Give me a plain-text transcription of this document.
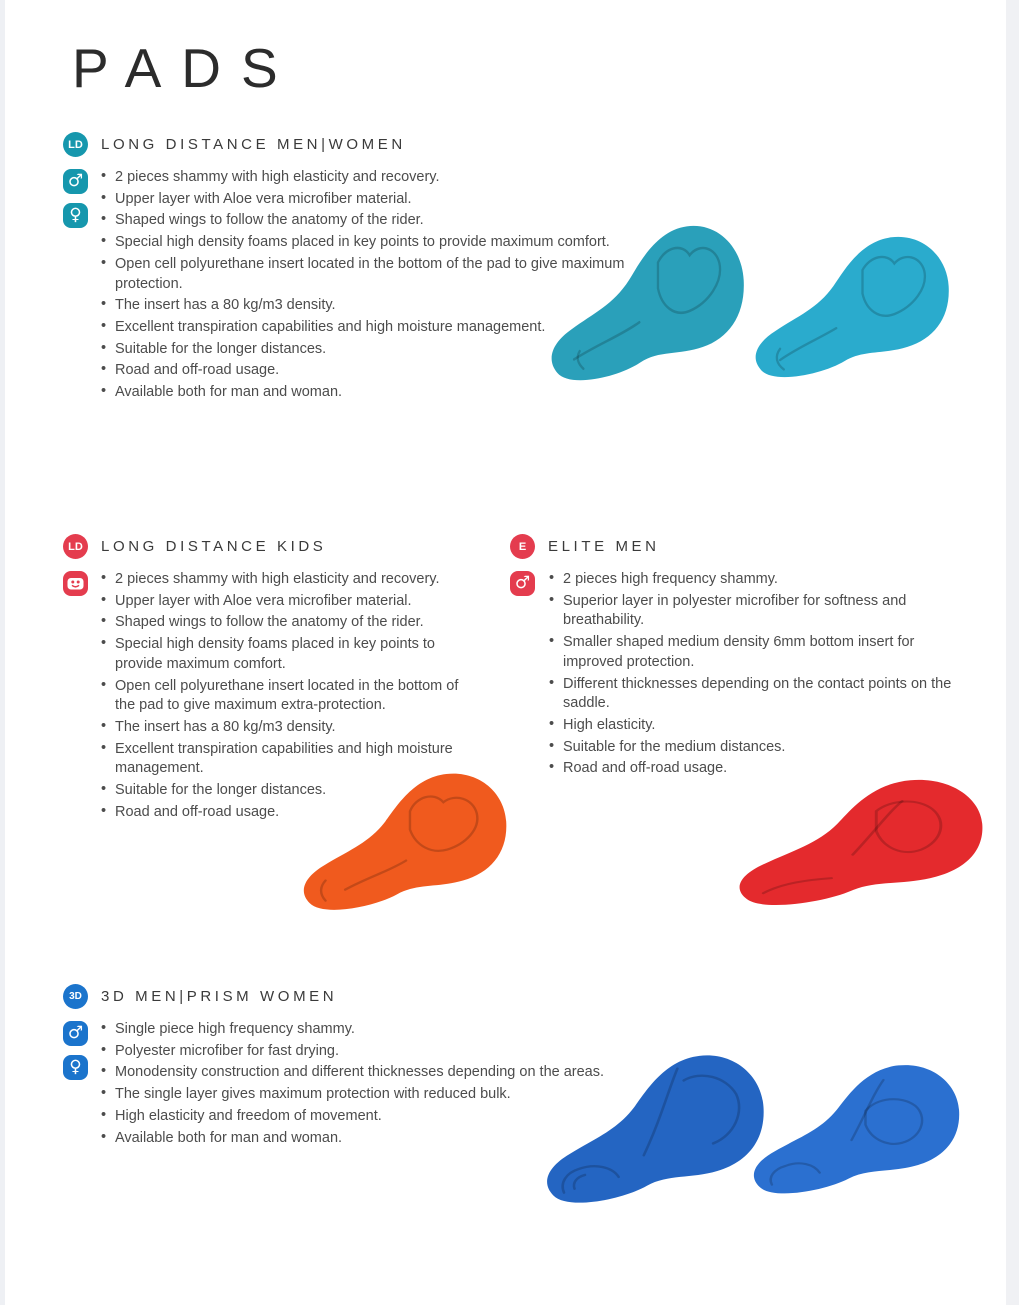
PADS
LD	LONG DISTANCE MEN|WOMEN
♂
♀
• 2 pieces shammy with high elasticity and recovery.
• Upper layer with Aloe vera microfiber material.
• Shaped wings to follow the anatomy of the rider.
• Special high density foams placed in key points to provide maximum comfort.
• Open cell polyurethane insert located in the bottom of the pad to give maximum protection.
• The insert has a 80 kg/m3 density.
• Excellent transpiration capabilities and high moisture management.
• Suitable for the longer distances.
• Road and off-road usage.
• Available both for man and woman.
LD	LONG DISTANCE KIDS
• 2 pieces shammy with high elasticity and recovery.
• Upper layer with Aloe vera microfiber material.
• Shaped wings to follow the anatomy of the rider.
• Special high density foams placed in key points to provide maximum comfort.
• Open cell polyurethane insert located in the bottom of the pad to give maximum extra-protection.
• The insert has a 80 kg/m3 density.
• Excellent transpiration capabilities and high moisture management.
• Suitable for the longer distances.
• Road and off-road usage.
E	ELITE MEN
♂	• 2 pieces high frequency shammy.
• Superior layer in polyester microfiber for softness and breathability.
• Smaller shaped medium density 6mm bottom insert for improved protection.
• Different thicknesses depending on the contact points on the saddle.
• High elasticity.
• Suitable for the medium distances.
• Road and off-road usage.
3D	3D MEN|PRISM WOMEN
♂
♀
• Single piece high frequency shammy.
• Polyester microfiber for fast drying.
• Monodensity construction and different thicknesses depending on the areas.
• The single layer gives maximum protection with reduced bulk.
• High elasticity and freedom of movement.
• Available both for man and woman.
